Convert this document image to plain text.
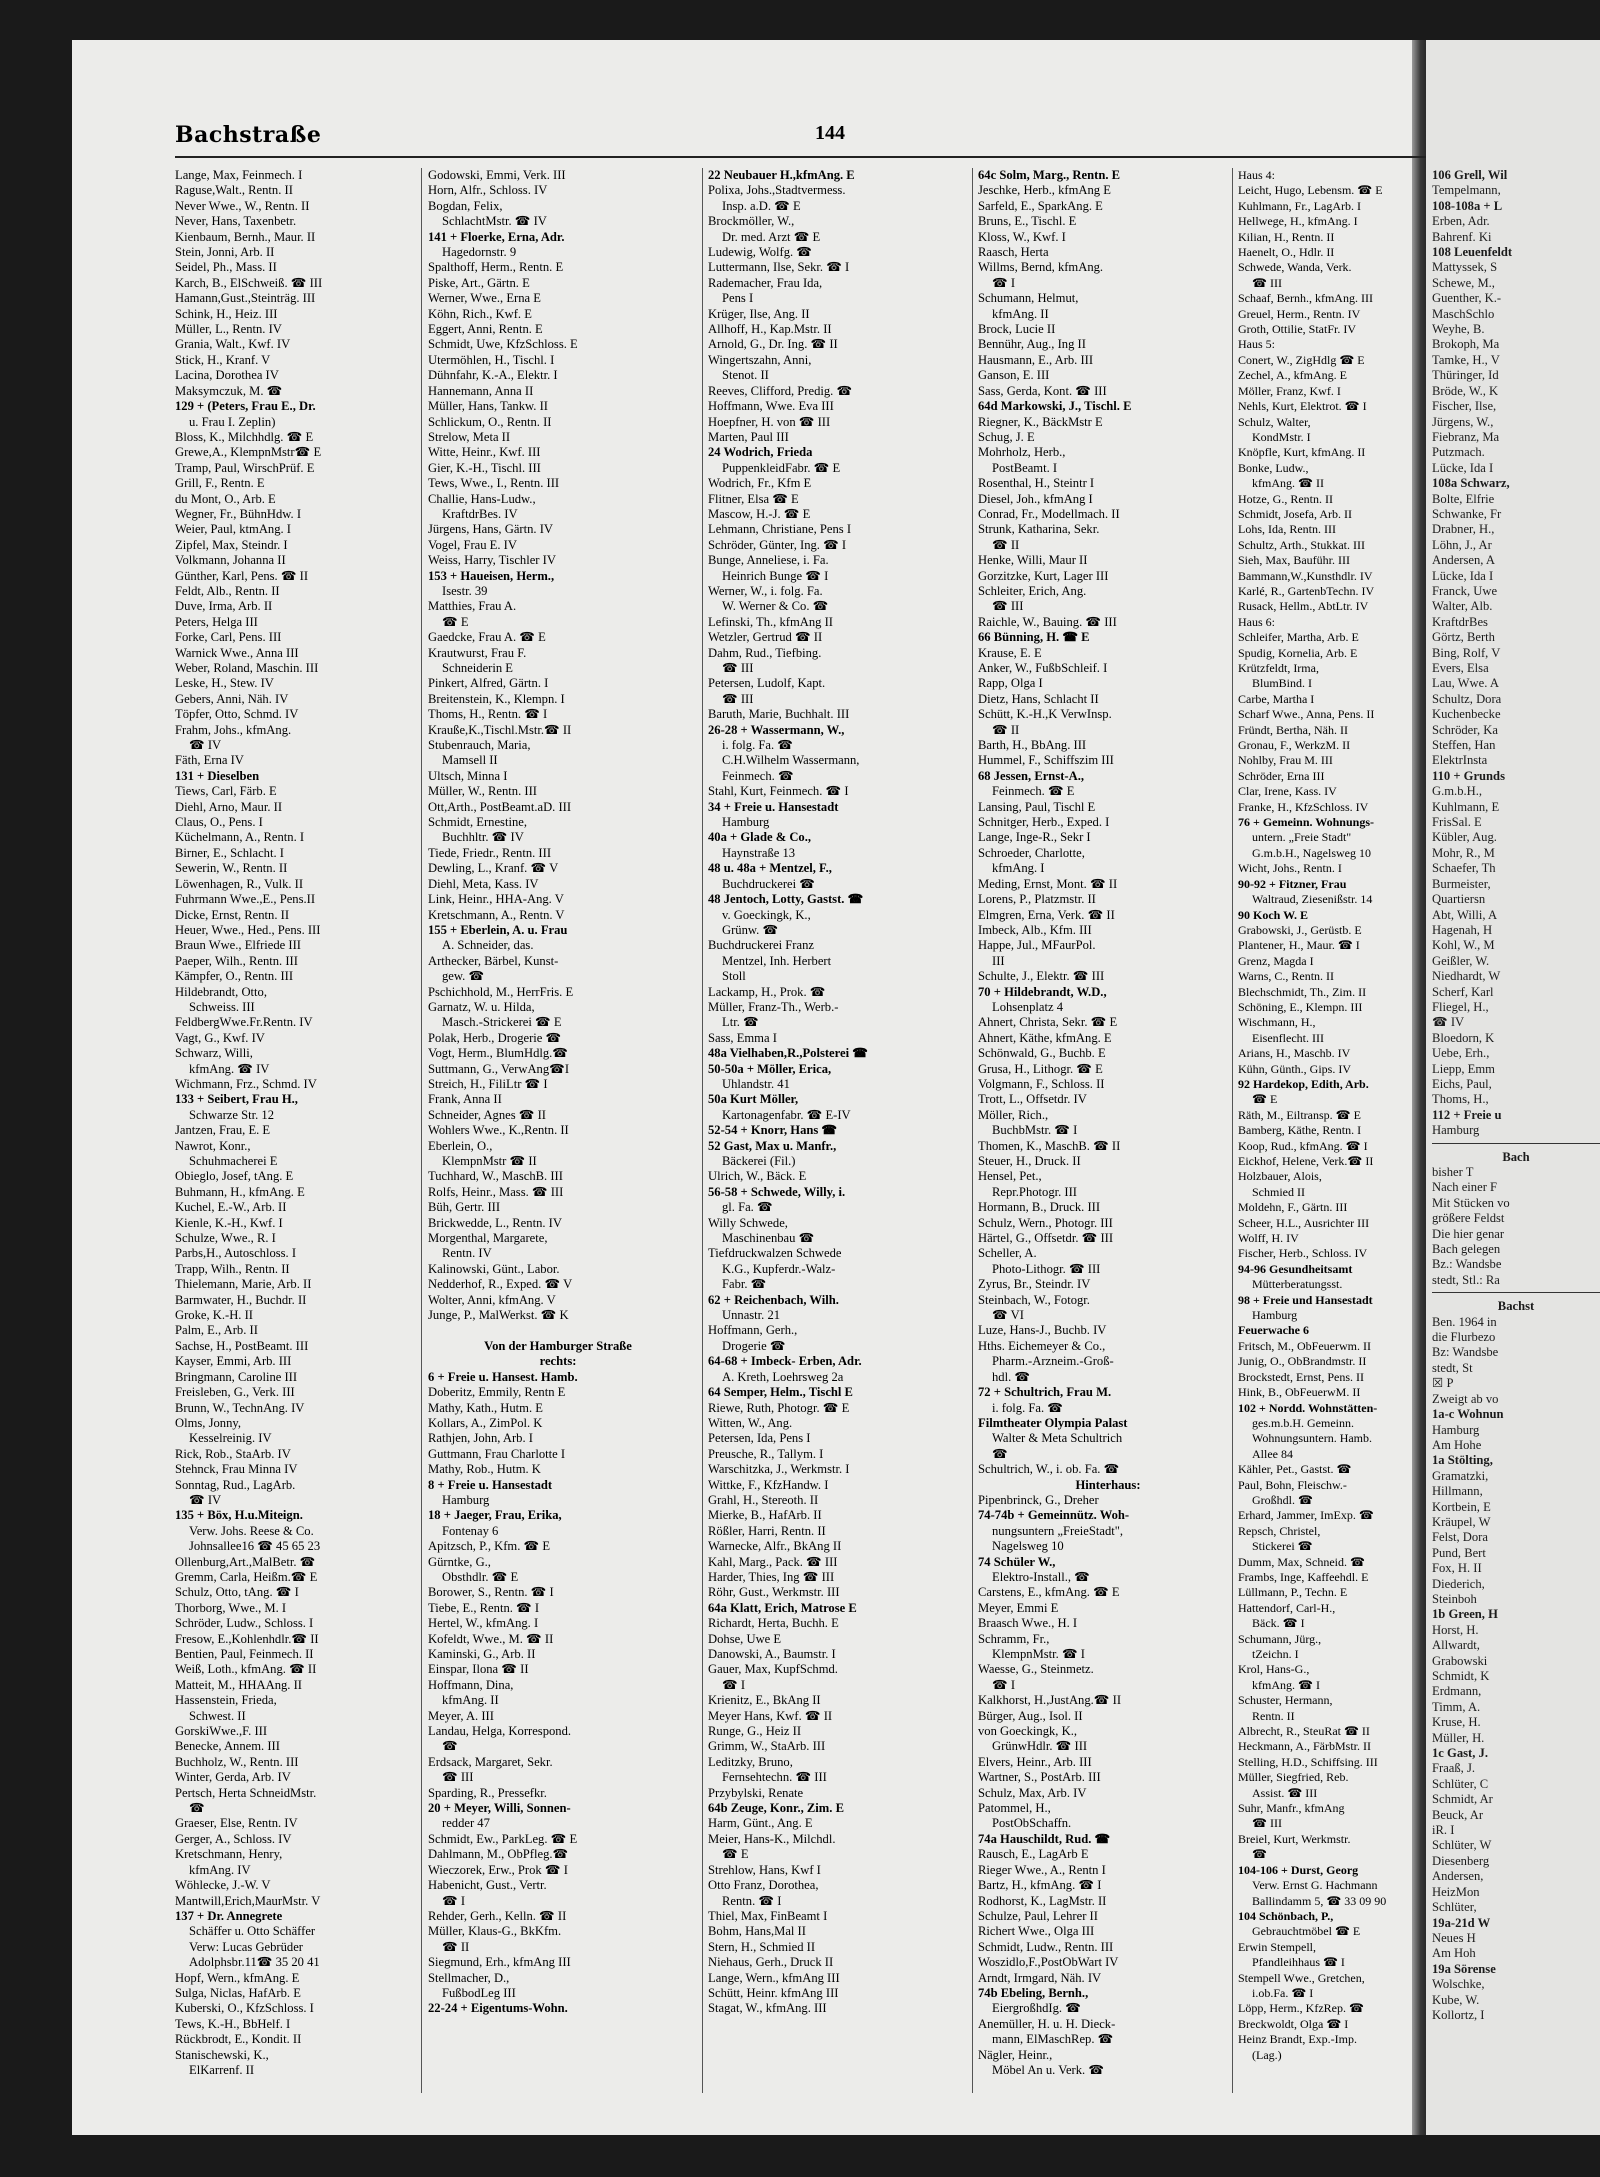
Bachstraße	144
Lange, Max, Feinmech. I
Raguse,Walt., Rentn. II
Never Wwe., W., Rentn. II
Never, Hans, Taxenbetr.
Kienbaum, Bernh., Maur. II
Stein, Jonni, Arb. II
Seidel, Ph., Mass. II
Karch, B., ElSchweiß. ☎ III
Hamann,Gust.,Steinträg. III
Schink, H., Heiz. III
Müller, L., Rentn. IV
Grania, Walt., Kwf. IV
Stick, H., Kranf. V
Lacina, Dorothea IV
Maksymczuk, M. ☎
129 + (Peters, Frau E., Dr.
u. Frau I. Zeplin)
Bloss, K., Milchhdlg. ☎ E
Grewe,A., KlempnMstr☎ E
Tramp, Paul, WirschPrüf. E
Grill, F., Rentn. E
du Mont, O., Arb. E
Wegner, Fr., BühnHdw. I
Weier, Paul, ktmAng. I
Zipfel, Max, Steindr. I
Volkmann, Johanna II
Günther, Karl, Pens. ☎ II
Feldt, Alb., Rentn. II
Duve, Irma, Arb. II
Peters, Helga III
Forke, Carl, Pens. III
Warnick Wwe., Anna III
Weber, Roland, Maschin. III
Leske, H., Stew. IV
Gebers, Anni, Näh. IV
Töpfer, Otto, Schmd. IV
Frahm, Johs., kfmAng.
☎ IV
Fäth, Erna IV
131 + Dieselben
Tiews, Carl, Färb. E
Diehl, Arno, Maur. II
Claus, O., Pens. I
Küchelmann, A., Rentn. I
Birner, E., Schlacht. I
Sewerin, W., Rentn. II
Löwenhagen, R., Vulk. II
Fuhrmann Wwe.,E., Pens.II
Dicke, Ernst, Rentn. II
Heuer, Wwe., Hed., Pens. III
Braun Wwe., Elfriede III
Paeper, Wilh., Rentn. III
Kämpfer, O., Rentn. III
Hildebrandt, Otto,
Schweiss. III
FeldbergWwe.Fr.Rentn. IV
Vagt, G., Kwf. IV
Schwarz, Willi,
kfmAng. ☎ IV
Wichmann, Frz., Schmd. IV
133 + Seibert, Frau H.,
Schwarze Str. 12
Jantzen, Frau, E. E
Nawrot, Konr.,
Schuhmacherei E
Obieglo, Josef, tAng. E
Buhmann, H., kfmAng. E
Kuchel, E.-W., Arb. II
Kienle, K.-H., Kwf. I
Schulze, Wwe., R. I
Parbs,H., Autoschloss. I
Trapp, Wilh., Rentn. II
Thielemann, Marie, Arb. II
Barmwater, H., Buchdr. II
Groke, K.-H. II
Palm, E., Arb. II
Sachse, H., PostBeamt. III
Kayser, Emmi, Arb. III
Bringmann, Caroline III
Freisleben, G., Verk. III
Brunn, W., TechnAng. IV
Olms, Jonny,
Kesselreinig. IV
Rick, Rob., StaArb. IV
Stehnck, Frau Minna IV
Sonntag, Rud., LagArb.
☎ IV
135 + Böx, H.u.Miteign.
Verw. Johs. Reese & Co.
Johnsallee16 ☎ 45 65 23
Ollenburg,Art.,MalBetr. ☎
Gremm, Carla, Heißm.☎ E
Schulz, Otto, tAng. ☎ I
Thorborg, Wwe., M. I
Schröder, Ludw., Schloss. I
Fresow, E.,Kohlenhdlr.☎ II
Bentien, Paul, Feinmech. II
Weiß, Loth., kfmAng. ☎ II
Matteit, M., HHAAng. II
Hassenstein, Frieda,
Schwest. II
GorskiWwe.,F. III
Benecke, Annem. III
Buchholz, W., Rentn. III
Winter, Gerda, Arb. IV
Pertsch, Herta SchneidMstr.
☎
Graeser, Else, Rentn. IV
Gerger, A., Schloss. IV
Kretschmann, Henry,
kfmAng. IV
Wöhlecke, J.-W. V
Mantwill,Erich,MaurMstr. V
137 + Dr. Annegrete
Schäffer u. Otto Schäffer
Verw: Lucas Gebrüder
Adolphsbr.11☎ 35 20 41
Hopf, Wern., kfmAng. E
Sulga, Niclas, HafArb. E
Kuberski, O., KfzSchloss. I
Tews, K.-H., BbHelf. I
Rückbrodt, E., Kondit. II
Stanischewski, K.,
ElKarrenf. II
Godowski, Emmi, Verk. III
Horn, Alfr., Schloss. IV
Bogdan, Felix,
SchlachtMstr. ☎ IV
141 + Floerke, Erna, Adr.
Hagedornstr. 9
Spalthoff, Herm., Rentn. E
Piske, Art., Gärtn. E
Werner, Wwe., Erna E
Köhn, Rich., Kwf. E
Eggert, Anni, Rentn. E
Schmidt, Uwe, KfzSchloss. E
Utermöhlen, H., Tischl. I
Dühnfahr, K.-A., Elektr. I
Hannemann, Anna II
Müller, Hans, Tankw. II
Schlickum, O., Rentn. II
Strelow, Meta II
Witte, Heinr., Kwf. III
Gier, K.-H., Tischl. III
Tews, Wwe., I., Rentn. III
Challie, Hans-Ludw.,
KraftdrBes. IV
Jürgens, Hans, Gärtn. IV
Vogel, Frau E. IV
Weiss, Harry, Tischler IV
153 + Haueisen, Herm.,
Isestr. 39
Matthies, Frau A.
☎ E
Gaedcke, Frau A. ☎ E
Krautwurst, Frau F.
Schneiderin E
Pinkert, Alfred, Gärtn. I
Breitenstein, K., Klempn. I
Thoms, H., Rentn. ☎ I
Krauße,K.,Tischl.Mstr.☎ II
Stubenrauch, Maria,
Mamsell II
Ultsch, Minna I
Müller, W., Rentn. III
Ott,Arth., PostBeamt.aD. III
Schmidt, Ernestine,
Buchhltr. ☎ IV
Tiede, Friedr., Rentn. III
Dewling, L., Kranf. ☎ V
Diehl, Meta, Kass. IV
Link, Heinr., HHA-Ang. V
Kretschmann, A., Rentn. V
155 + Eberlein, A. u. Frau
A. Schneider, das.
Arthecker, Bärbel, Kunst-
gew. ☎
Pschichhold, M., HerrFris. E
Garnatz, W. u. Hilda,
Masch.-Strickerei ☎ E
Polak, Herb., Drogerie ☎
Vogt, Herm., BlumHdlg.☎
Suttmann, G., VerwAng☎I
Streich, H., FiliLtr ☎ I
Frank, Anna II
Schneider, Agnes ☎ II
Wohlers Wwe., K.,Rentn. II
Eberlein, O.,
KlempnMstr ☎ II
Tuchhard, W., MaschB. III
Rolfs, Heinr., Mass. ☎ III
Büh, Gertr. III
Brickwedde, L., Rentn. IV
Morgenthal, Margarete,
Rentn. IV
Kalinowski, Günt., Labor.
Nedderhof, R., Exped. ☎ V
Wolter, Anni, kfmAng. V
Junge, P., MalWerkst. ☎ K

Von der Hamburger Straße
rechts:
6 + Freie u. Hansest. Hamb.
Doberitz, Emmily, Rentn E
Mathy, Kath., Hutm. E
Kollars, A., ZimPol. K
Rathjen, John, Arb. I
Guttmann, Frau Charlotte I
Mathy, Rob., Hutm. K
8 + Freie u. Hansestadt
Hamburg
18 + Jaeger, Frau, Erika,
Fontenay 6
Apitzsch, P., Kfm. ☎ E
Gürntke, G.,
Obsthdlr. ☎ E
Borower, S., Rentn. ☎ I
Tiebe, E., Rentn. ☎ I
Hertel, W., kfmAng. I
Kofeldt, Wwe., M. ☎ II
Kaminski, G., Arb. II
Einspar, Ilona ☎ II
Hoffmann, Dina,
kfmAng. II
Meyer, A. III
Landau, Helga, Korrespond.
☎
Erdsack, Margaret, Sekr.
☎ III
Sparding, R., Pressefkr.
20 + Meyer, Willi, Sonnen-
redder 47
Schmidt, Ew., ParkLeg. ☎ E
Dahlmann, M., ObPfleg.☎
Wieczorek, Erw., Prok ☎ I
Habenicht, Gust., Vertr.
☎ I
Rehder, Gerh., Kelln. ☎ II
Müller, Klaus-G., BkKfm.
☎ II
Siegmund, Erh., kfmAng III
Stellmacher, D.,
FußbodLeg III
22-24 + Eigentums-Wohn.
22 Neubauer H.,kfmAng. E
Polixa, Johs.,Stadtvermess.
Insp. a.D. ☎ E
Brockmöller, W.,
Dr. med. Arzt ☎ E
Ludewig, Wolfg. ☎
Luttermann, Ilse, Sekr. ☎ I
Rademacher, Frau Ida,
Pens I
Krüger, Ilse, Ang. II
Allhoff, H., Kap.Mstr. II
Arnold, G., Dr. Ing. ☎ II
Wingertszahn, Anni,
Stenot. II
Reeves, Clifford, Predig. ☎
Hoffmann, Wwe. Eva III
Hoepfner, H. von ☎ III
Marten, Paul III
24 Wodrich, Frieda
PuppenkleidFabr. ☎ E
Wodrich, Fr., Kfm E
Flitner, Elsa ☎ E
Mascow, H.-J. ☎ E
Lehmann, Christiane, Pens I
Schröder, Günter, Ing. ☎ I
Bunge, Anneliese, i. Fa.
Heinrich Bunge ☎ I
Werner, W., i. folg. Fa.
W. Werner & Co. ☎
Lefinski, Th., kfmAng II
Wetzler, Gertrud ☎ II
Dahm, Rud., Tiefbing.
☎ III
Petersen, Ludolf, Kapt.
☎ III
Baruth, Marie, Buchhalt. III
26-28 + Wassermann, W.,
i. folg. Fa. ☎
C.H.Wilhelm Wassermann,
Feinmech. ☎
Stahl, Kurt, Feinmech. ☎ I
34 + Freie u. Hansestadt
Hamburg
40a + Glade & Co.,
Haynstraße 13
48 u. 48a + Mentzel, F.,
Buchdruckerei ☎
48 Jentoch, Lotty, Gastst. ☎
v. Goeckingk, K.,
Grünw. ☎
Buchdruckerei Franz
Mentzel, Inh. Herbert
Stoll
Lackamp, H., Prok. ☎
Müller, Franz-Th., Werb.-
Ltr. ☎
Sass, Emma I
48a Vielhaben,R.,Polsterei ☎
50-50a + Möller, Erica,
Uhlandstr. 41
50a Kurt Möller,
Kartonagenfabr. ☎ E-IV
52-54 + Knorr, Hans ☎
52 Gast, Max u. Manfr.,
Bäckerei (Fil.)
Ulrich, W., Bäck. E
56-58 + Schwede, Willy, i.
gl. Fa. ☎
Willy Schwede,
Maschinenbau ☎
Tiefdruckwalzen Schwede
K.G., Kupferdr.-Walz-
Fabr. ☎
62 + Reichenbach, Wilh.
Unnastr. 21
Hoffmann, Gerh.,
Drogerie ☎
64-68 + Imbeck- Erben, Adr.
A. Kreth, Loehrsweg 2a
64 Semper, Helm., Tischl E
Riewe, Ruth, Photogr. ☎ E
Witten, W., Ang.
Petersen, Ida, Pens I
Preusche, R., Tallym. I
Warschitzka, J., Werkmstr. I
Wittke, F., KfzHandw. I
Grahl, H., Stereoth. II
Mierke, B., HafArb. II
Rößler, Harri, Rentn. II
Warnecke, Alfr., BkAng II
Kahl, Marg., Pack. ☎ III
Harder, Thies, Ing ☎ III
Röhr, Gust., Werkmstr. III
64a Klatt, Erich, Matrose E
Richardt, Herta, Buchh. E
Dohse, Uwe E
Danowski, A., Baumstr. I
Gauer, Max, KupfSchmd.
☎ I
Krienitz, E., BkAng II
Meyer Hans, Kwf. ☎ II
Runge, G., Heiz II
Grimm, W., StaArb. III
Leditzky, Bruno,
Fernsehtechn. ☎ III
Przybylski, Renate
64b Zeuge, Konr., Zim. E
Harm, Günt., Ang. E
Meier, Hans-K., Milchdl.
☎ E
Strehlow, Hans, Kwf I
Otto Franz, Dorothea,
Rentn. ☎ I
Thiel, Max, FinBeamt I
Bohm, Hans,Mal II
Stern, H., Schmied II
Niehaus, Gerh., Druck II
Lange, Wern., kfmAng III
Schütt, Heinr. kfmAng III
Stagat, W., kfmAng. III
64c Solm, Marg., Rentn. E
Jeschke, Herb., kfmAng E
Sarfeld, E., SparkAng. E
Bruns, E., Tischl. E
Kloss, W., Kwf. I
Raasch, Herta
Willms, Bernd, kfmAng.
☎ I
Schumann, Helmut,
kfmAng. II
Brock, Lucie II
Bennühr, Aug., Ing II
Hausmann, E., Arb. III
Ganson, E. III
Sass, Gerda, Kont. ☎ III
64d Markowski, J., Tischl. E
Riegner, K., BäckMstr E
Schug, J. E
Mohrholz, Herb.,
PostBeamt. I
Rosenthal, H., Steintr I
Diesel, Joh., kfmAng I
Conrad, Fr., Modellmach. II
Strunk, Katharina, Sekr.
☎ II
Henke, Willi, Maur II
Gorzitzke, Kurt, Lager III
Schleiter, Erich, Ang.
☎ III
Raichle, W., Bauing. ☎ III
66 Bünning, H. ☎ E
Krause, E. E
Anker, W., FußbSchleif. I
Rapp, Olga I
Dietz, Hans, Schlacht II
Schütt, K.-H.,K VerwInsp.
☎ II
Barth, H., BbAng. III
Hummel, F., Schiffszim III
68 Jessen, Ernst-A.,
Feinmech. ☎ E
Lansing, Paul, Tischl E
Schnitger, Herb., Exped. I
Lange, Inge-R., Sekr I
Schroeder, Charlotte,
kfmAng. I
Meding, Ernst, Mont. ☎ II
Lorens, P., Platzmstr. II
Elmgren, Erna, Verk. ☎ II
Imbeck, Alb., Kfm. III
Happe, Jul., MFaurPol.
III
Schulte, J., Elektr. ☎ III
70 + Hildebrandt, W.D.,
Lohsenplatz 4
Ahnert, Christa, Sekr. ☎ E
Ahnert, Käthe, kfmAng. E
Schönwald, G., Buchb. E
Grusa, H., Lithogr. ☎ E
Volgmann, F., Schloss. II
Trott, L., Offsetdr. IV
Möller, Rich.,
BuchbMstr. ☎ I
Thomen, K., MaschB. ☎ II
Steuer, H., Druck. II
Hensel, Pet.,
Repr.Photogr. III
Hormann, B., Druck. III
Schulz, Wern., Photogr. III
Härtel, G., Offsetdr. ☎ III
Scheller, A.
Photo-Lithogr. ☎ III
Zyrus, Br., Steindr. IV
Steinbach, W., Fotogr.
☎ VI
Luze, Hans-J., Buchb. IV
Hths. Eichemeyer & Co.,
Pharm.-Arzneim.-Groß-
hdl. ☎
72 + Schultrich, Frau M.
i. folg. Fa. ☎
Filmtheater Olympia Palast
Walter & Meta Schultrich
☎
Schultrich, W., i. ob. Fa. ☎
Hinterhaus:
Pipenbrinck, G., Dreher
74-74b + Gemeinnütz. Woh-
nungsuntern „FreieStadt",
Nagelsweg 10
74 Schüler W.,
Elektro-Install., ☎
Carstens, E., kfmAng. ☎ E
Meyer, Emmi E
Braasch Wwe., H. I
Schramm, Fr.,
KlempnMstr. ☎ I
Waesse, G., Steinmetz.
☎ I
Kalkhorst, H.,JustAng.☎ II
Bürger, Aug., Isol. II
von Goeckingk, K.,
GrünwHdlr. ☎ III
Elvers, Heinr., Arb. III
Wartner, S., PostArb. III
Schulz, Max, Arb. IV
Patommel, H.,
PostObSchaffn.
74a Hauschildt, Rud. ☎
Rausch, E., LagArb E
Rieger Wwe., A., Rentn I
Bartz, H., kfmAng. ☎ I
Rodhorst, K., LagMstr. II
Schulze, Paul, Lehrer II
Richert Wwe., Olga III
Schmidt, Ludw., Rentn. III
Woszidlo,F.,PostObWart IV
Arndt, Irmgard, Näh. IV
74b Ebeling, Bernh.,
EiergroßhdIg. ☎
Anemüller, H. u. H. Dieck-
mann, ElMaschRep. ☎
Nägler, Heinr.,
Möbel An u. Verk. ☎
Haus 4:
Leicht, Hugo, Lebensm. ☎ E
Kuhlmann, Fr., LagArb. I
Hellwege, H., kfmAng. I
Kilian, H., Rentn. II
Haenelt, O., Hdlr. II
Schwede, Wanda, Verk.
☎ III
Schaaf, Bernh., kfmAng. III
Greuel, Herm., Rentn. IV
Groth, Ottilie, StatFr. IV
Haus 5:
Conert, W., ZigHdlg ☎ E
Zechel, A., kfmAng. E
Möller, Franz, Kwf. I
Nehls, Kurt, Elektrot. ☎ I
Schulz, Walter,
KondMstr. I
Knöpfle, Kurt, kfmAng. II
Bonke, Ludw.,
kfmAng. ☎ II
Hotze, G., Rentn. II
Schmidt, Josefa, Arb. II
Lohs, Ida, Rentn. III
Schultz, Arth., Stukkat. III
Sieh, Max, Bauführ. III
Bammann,W.,Kunsthdlr. IV
Karlé, R., GartenbTechn. IV
Rusack, Hellm., AbtLtr. IV
Haus 6:
Schleifer, Martha, Arb. E
Spudig, Kornelia, Arb. E
Krützfeldt, Irma,
BlumBind. I
Carbe, Martha I
Scharf Wwe., Anna, Pens. II
Fründt, Bertha, Näh. II
Gronau, F., WerkzM. II
Nohlby, Frau M. III
Schröder, Erna III
Clar, Irene, Kass. IV
Franke, H., KfzSchloss. IV
76 + Gemeinn. Wohnungs-
untern. „Freie Stadt"
G.m.b.H., Nagelsweg 10
Wicht, Johs., Rentn. I
90-92 + Fitzner, Frau
Waltraud, Ziesenißstr. 14
90 Koch W. E
Grabowski, J., Gerüstb. E
Plantener, H., Maur. ☎ I
Grenz, Magda I
Warns, C., Rentn. II
Blechschmidt, Th., Zim. II
Schöning, E., Klempn. III
Wischmann, H.,
Eisenflecht. III
Arians, H., Maschb. IV
Kühn, Günth., Gips. IV
92 Hardekop, Edith, Arb.
☎ E
Räth, M., Eiltransp. ☎ E
Bamberg, Käthe, Rentn. I
Koop, Rud., kfmAng. ☎ I
Eickhof, Helene, Verk.☎ II
Holzbauer, Alois,
Schmied II
Moldehn, F., Gärtn. III
Scheer, H.L., Ausrichter III
Wolff, H. IV
Fischer, Herb., Schloss. IV
94-96 Gesundheitsamt
Mütterberatungsst.
98 + Freie und Hansestadt
Hamburg
Feuerwache 6
Fritsch, M., ObFeuerwm. II
Junig, O., ObBrandmstr. II
Brockstedt, Ernst, Pens. II
Hink, B., ObFeuerwM. II
102 + Nordd. Wohnstätten-
ges.m.b.H. Gemeinn.
Wohnungsuntern. Hamb.
Allee 84
Kähler, Pet., Gastst. ☎
Paul, Bohn, Fleischw.-
Großhdl. ☎
Erhard, Jammer, ImExp. ☎
Repsch, Christel,
Stickerei ☎
Dumm, Max, Schneid. ☎
Frambs, Inge, Kaffeehdl. E
Lüllmann, P., Techn. E
Hattendorf, Carl-H.,
Bäck. ☎ I
Schumann, Jürg.,
tZeichn. I
Krol, Hans-G.,
kfmAng. ☎ I
Schuster, Hermann,
Rentn. II
Albrecht, R., SteuRat ☎ II
Heckmann, A., FärbMstr. II
Stelling, H.D., Schiffsing. III
Müller, Siegfried, Reb.
Assist. ☎ III
Suhr, Manfr., kfmAng
☎ III
Breiel, Kurt, Werkmstr.
☎
104-106 + Durst, Georg
Verw. Ernst G. Hachmann
Ballindamm 5, ☎ 33 09 90
104 Schönbach, P.,
Gebrauchtmöbel ☎ E
Erwin Stempell,
Pfandleihhaus ☎ I
Stempell Wwe., Gretchen,
i.ob.Fa. ☎ I
Löpp, Herm., KfzRep. ☎
Breckwoldt, Olga ☎ I
Heinz Brandt, Exp.-Imp.
(Lag.)
106 Grell, Wil
Tempelmann,
108-108a + L
Erben, Adr.
Bahrenf. Ki
108 Leuenfeldt
Mattyssek, S
Schewe, M.,
Guenther, K.-
MaschSchlo
Weyhe, B.
Brokoph, Ma
Tamke, H., V
Thüringer, Id
Bröde, W., K
Fischer, Ilse,
Jürgens, W.,
Fiebranz, Ma
Putzmach.
Lücke, Ida I
108a Schwarz,
Bolte, Elfrie
Schwanke, Fr
Drabner, H.,
Löhn, J., Ar
Andersen, A
Lücke, Ida I
Franck, Uwe
Walter, Alb.
KraftdrBes
Görtz, Berth
Bing, Rolf, V
Evers, Elsa
Lau, Wwe. A
Schultz, Dora
Kuchenbecke
Schröder, Ka
Steffen, Han
ElektrInsta
110 + Grunds
G.m.b.H.,
Kuhlmann, E
FrisSal. E
Kübler, Aug.
Mohr, R., M
Schaefer, Th
Burmeister,
Quartiersn
Abt, Willi, A
Hagenah, H
Kohl, W., M
Geißler, W.
Niedhardt, W
Scherf, Karl
Fliegel, H.,
☎ IV
Bloedorn, K
Uebe, Erh.,
Liepp, Emm
Eichs, Paul,
Thoms, H.,
112 + Freie u
Hamburg
Bach
bisher T
Nach einer F
Mit Stücken vo
größere Feldst
Die hier genar
Bach gelegen
Bz.: Wandsbe
stedt, Stl.: Ra
Bachst
Ben. 1964 in
die Flurbezo
Bz: Wandsbe
stedt, St
☒ P
Zweigt ab vo
1a-c Wohnun
Hamburg
Am Hohe
1a Stölting,
Gramatzki,
Hillmann,
Kortbein, E
Kräupel, W
Felst, Dora
Pund, Bert
Fox, H. II
Diederich,
Steinboh
1b Green, H
Horst, H.
Allwardt,
Grabowski
Schmidt, K
Erdmann,
Timm, A.
Kruse, H.
Müller, H.
1c Gast, J.
Fraaß, J.
Schlüter, C
Schmidt, Ar
Beuck, Ar
iR. I
Schlüter, W
Diesenberg
Andersen,
HeizMon
Schlüter,
19a-21d W
Neues H
Am Hoh
19a Sörense
Wolschke,
Kube, W.
Kollortz, I
